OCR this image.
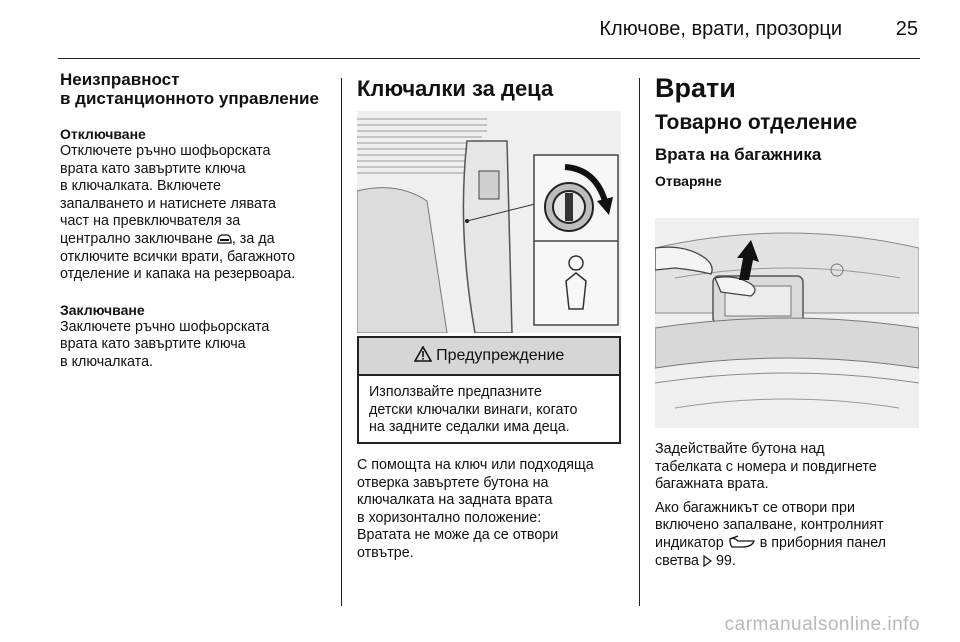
Ключове, врати, прозорци	25
Неизправност
в дистанционното управление
Отключване

Отключете ръчно шофьорската
врата като завъртите ключа
в ключалката. Включете
запалването и натиснете лявата
част на превключвателя за
централно заключване , за да
отключите всички врати, багажното
отделение и капака на резервоара.

Заключване

Заключете ръчно шофьорската
врата като завъртите ключа
в ключалката.

Ключалки за деца
Предупреждение
Използвайте предпазните
детски ключалки винаги, когато
на задните седалки има деца.

С помощта на ключ или подходяща
отверка завъртете бутона на
ключалката на задната врата
в хоризонтално положение:
Вратата не може да се отвори
отвътре.

Врати
Товарно отделение
Врата на багажника
Отваряне

Задействайте бутона над
табелката с номера и повдигнете
багажната врата.

Ако багажникът се отвори при
включено запалване, контролният
индикатор	в приборния панел
светва 99.

carmanualsonline.info
